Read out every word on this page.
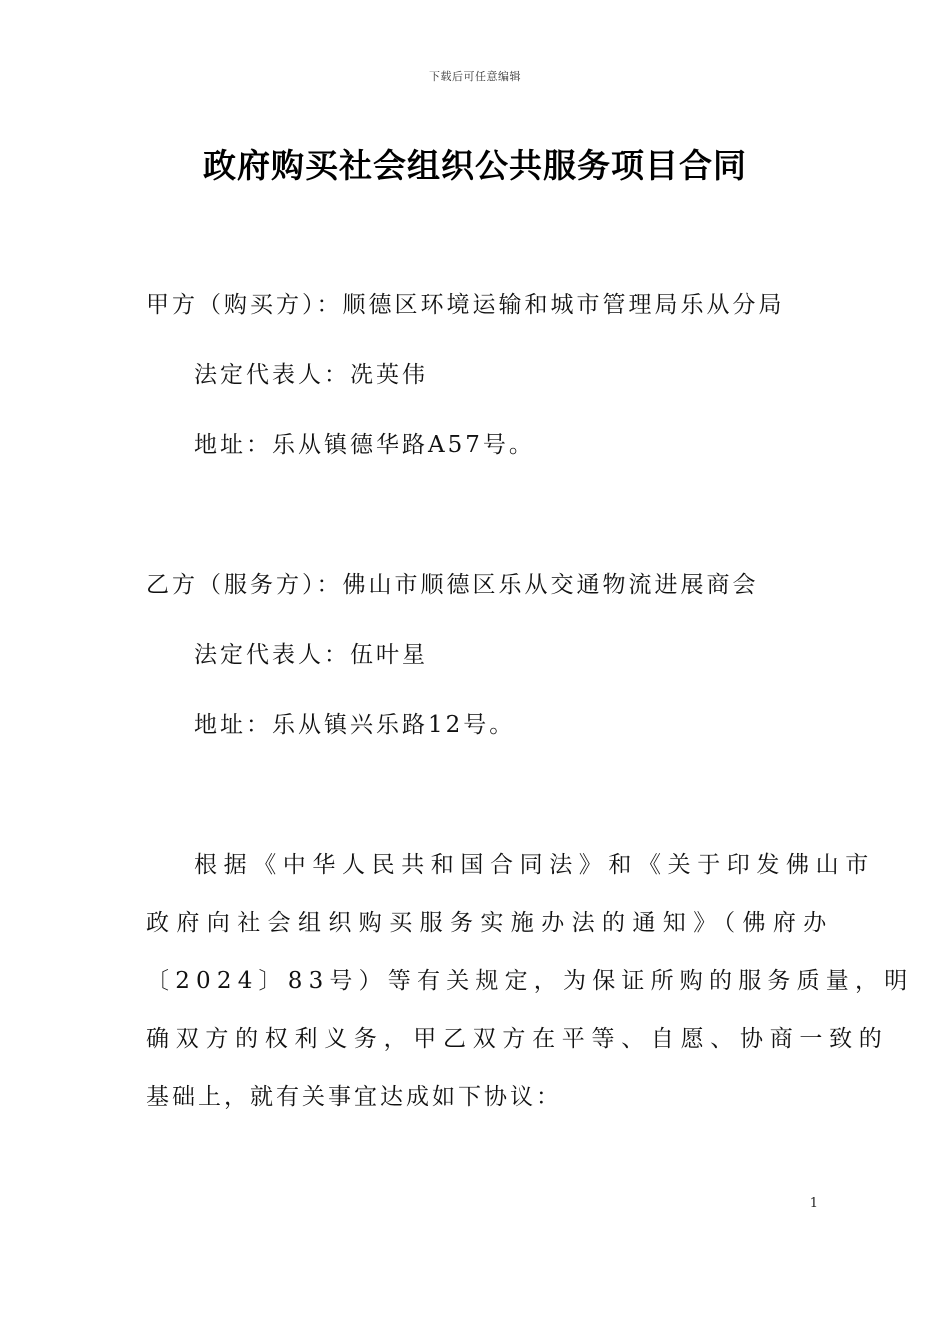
下载后可任意编辑
政府购买社会组织公共服务项目合同
甲方（购买方）：顺德区环境运输和城市管理局乐从分局
法定代表人：冼英伟
地址：乐从镇德华路A57号。
乙方（服务方）：佛山市顺德区乐从交通物流进展商会
法定代表人：伍叶星
地址：乐从镇兴乐路12号。
根据《中华人民共和国合同法》和《关于印发佛山市
政府向社会组织购买服务实施办法的通知》（佛府办
〔2024〕83号）等有关规定，为保证所购的服务质量，明
确双方的权利义务，甲乙双方在平等、自愿、协商一致的
基础上，就有关事宜达成如下协议：
1
